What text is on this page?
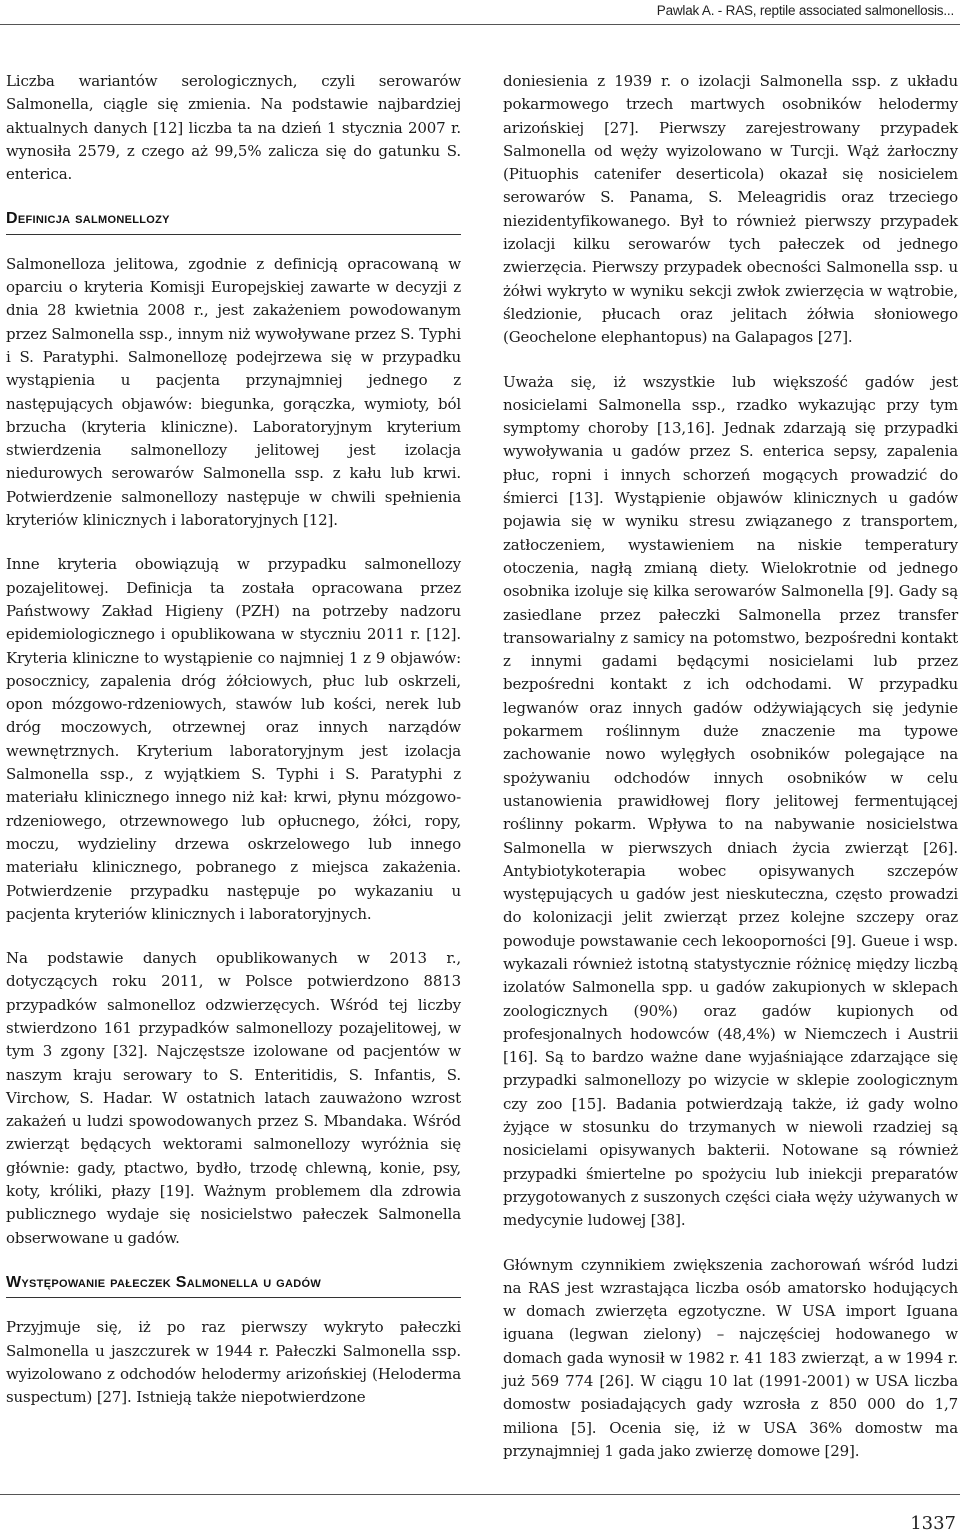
Pawlak A. - RAS, reptile associated salmonellosis...

Liczba wariantów serologicznych, czyli serowarów Salmonella, ciągle się zmienia. Na podstawie najbardziej aktualnych danych [12] liczba ta na dzień 1 stycznia 2007 r. wynosiła 2579, z czego aż 99,5% zalicza się do gatunku S. enterica.

Definicja salmonellozy

Salmonelloza jelitowa, zgodnie z definicją opracowaną w oparciu o kryteria Komisji Europejskiej zawarte w decyzji z dnia 28 kwietnia 2008 r., jest zakażeniem powodowanym przez Salmonella ssp., innym niż wywoływane przez S. Typhi i S. Paratyphi. Salmonellozę podejrzewa się w przypadku wystąpienia u pacjenta przynajmniej jednego z następujących objawów: biegunka, gorączka, wymioty, ból brzucha (kryteria kliniczne). Laboratoryjnym kryterium stwierdzenia salmonellozy jelitowej jest izolacja niedurowych serowarów Salmonella ssp. z kału lub krwi. Potwierdzenie salmonellozy następuje w chwili spełnienia kryteriów klinicznych i laboratoryjnych [12].

Inne kryteria obowiązują w przypadku salmonellozy pozajelitowej. Definicja ta została opracowana przez Państwowy Zakład Higieny (PZH) na potrzeby nadzoru epidemiologicznego i opublikowana w styczniu 2011 r. [12]. Kryteria kliniczne to wystąpienie co najmniej 1 z 9 objawów: posocznicy, zapalenia dróg żółciowych, płuc lub oskrzeli, opon mózgowo-rdzeniowych, stawów lub kości, nerek lub dróg moczowych, otrzewnej oraz innych narządów wewnętrznych. Kryterium laboratoryjnym jest izolacja Salmonella ssp., z wyjątkiem S. Typhi i S. Paratyphi z materiału klinicznego innego niż kał: krwi, płynu mózgowo-rdzeniowego, otrzewnowego lub opłucnego, żółci, ropy, moczu, wydzieliny drzewa oskrzelowego lub innego materiału klinicznego, pobranego z miejsca zakażenia. Potwierdzenie przypadku następuje po wykazaniu u pacjenta kryteriów klinicznych i laboratoryjnych.

Na podstawie danych opublikowanych w 2013 r., dotyczących roku 2011, w Polsce potwierdzono 8813 przypadków salmonelloz odzwierzęcych. Wśród tej liczby stwierdzono 161 przypadków salmonellozy pozajelitowej, w tym 3 zgony [32]. Najczęstsze izolowane od pacjentów w naszym kraju serowary to S. Enteritidis, S. Infantis, S. Virchow, S. Hadar. W ostatnich latach zauważono wzrost zakażeń u ludzi spowodowanych przez S. Mbandaka. Wśród zwierząt będących wektorami salmonellozy wyróżnia się głównie: gady, ptactwo, bydło, trzodę chlewną, konie, psy, koty, króliki, płazy [19]. Ważnym problemem dla zdrowia publicznego wydaje się nosicielstwo pałeczek Salmonella obserwowane u gadów.

Występowanie pałeczek Salmonella u gadów

Przyjmuje się, iż po raz pierwszy wykryto pałeczki Salmonella u jaszczurek w 1944 r. Pałeczki Salmonella ssp. wyizolowano z odchodów helodermy arizońskiej (Heloderma suspectum) [27]. Istnieją także niepotwierdzone

doniesienia z 1939 r. o izolacji Salmonella ssp. z układu pokarmowego trzech martwych osobników helodermy arizońskiej [27]. Pierwszy zarejestrowany przypadek Salmonella od węży wyizolowano w Turcji. Wąż żarłoczny (Pituophis catenifer deserticola) okazał się nosicielem serowarów S. Panama, S. Meleagridis oraz trzeciego niezidentyfikowanego. Był to również pierwszy przypadek izolacji kilku serowarów tych pałeczek od jednego zwierzęcia. Pierwszy przypadek obecności Salmonella ssp. u żółwi wykryto w wyniku sekcji zwłok zwierzęcia w wątrobie, śledzionie, płucach oraz jelitach żółwia słoniowego (Geochelone elephantopus) na Galapagos [27].

Uważa się, iż wszystkie lub większość gadów jest nosicielami Salmonella ssp., rzadko wykazując przy tym symptomy choroby [13,16]. Jednak zdarzają się przypadki wywoływania u gadów przez S. enterica sepsy, zapalenia płuc, ropni i innych schorzeń mogących prowadzić do śmierci [13]. Wystąpienie objawów klinicznych u gadów pojawia się w wyniku stresu związanego z transportem, zatłoczeniem, wystawieniem na niskie temperatury otoczenia, nagłą zmianą diety. Wielokrotnie od jednego osobnika izoluje się kilka serowarów Salmonella [9]. Gady są zasiedlane przez pałeczki Salmonella przez transfer transowarialny z samicy na potomstwo, bezpośredni kontakt z innymi gadami będącymi nosicielami lub przez bezpośredni kontakt z ich odchodami. W przypadku legwanów oraz innych gadów odżywiających się jedynie pokarmem roślinnym duże znaczenie ma typowe zachowanie nowo wylęgłych osobników polegające na spożywaniu odchodów innych osobników w celu ustanowienia prawidłowej flory jelitowej fermentującej roślinny pokarm. Wpływa to na nabywanie nosicielstwa Salmonella w pierwszych dniach życia zwierząt [26]. Antybiotykoterapia wobec opisywanych szczepów występujących u gadów jest nieskuteczna, często prowadzi do kolonizacji jelit zwierząt przez kolejne szczepy oraz powoduje powstawanie cech lekooporności [9]. Gueue i wsp. wykazali również istotną statystycznie różnicę między liczbą izolatów Salmonella spp. u gadów zakupionych w sklepach zoologicznych (90%) oraz gadów kupionych od profesjonalnych hodowców (48,4%) w Niemczech i Austrii [16]. Są to bardzo ważne dane wyjaśniające zdarzające się przypadki salmonellozy po wizycie w sklepie zoologicznym czy zoo [15]. Badania potwierdzają także, iż gady wolno żyjące w stosunku do trzymanych w niewoli rzadziej są nosicielami opisywanych bakterii. Notowane są również przypadki śmiertelne po spożyciu lub iniekcji preparatów przygotowanych z suszonych części ciała węży używanych w medycynie ludowej [38].

Głównym czynnikiem zwiększenia zachorowań wśród ludzi na RAS jest wzrastająca liczba osób amatorsko hodujących w domach zwierzęta egzotyczne. W USA import Iguana iguana (legwan zielony) – najczęściej hodowanego w domach gada wynosił w 1982 r. 41 183 zwierząt, a w 1994 r. już 569 774 [26]. W ciągu 10 lat (1991-2001) w USA liczba domostw posiadających gady wzrosła z 850 000 do 1,7 miliona [5]. Ocenia się, iż w USA 36% domostw ma przynajmniej 1 gada jako zwierzę domowe [29].

1337
